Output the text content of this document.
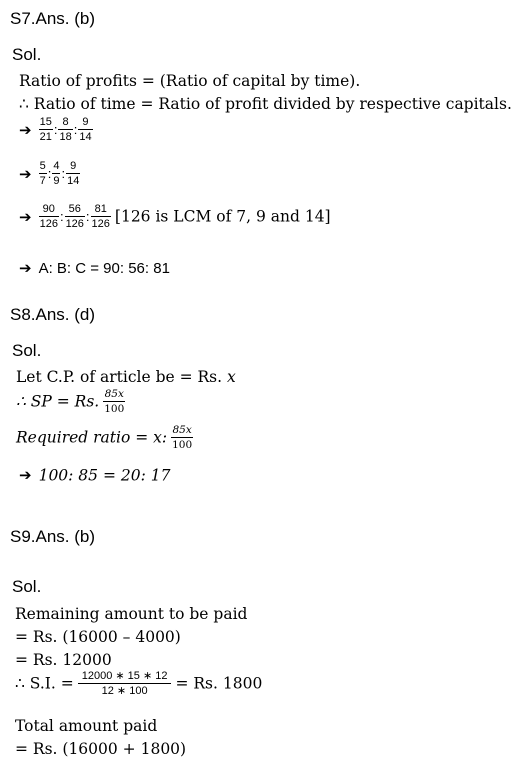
S7.Ans. (b)
Sol.
Ratio of profits = (Ratio of capital by time).
∴ Ratio of time = Ratio of profit divided by respective capitals.
➔ $\frac{15}{21}$ : $\frac{8}{18}$ : $\frac{9}{14}$
➔ $\frac{5}{7}$ : $\frac{4}{9}$ : $\frac{9}{14}$
➔ $\frac{90}{126}$ : $\frac{56}{126}$ : $\frac{81}{126} [126$ is LCM of 7, 9 and 14]
➔ A: B: C = 90: 56: 81
S8.Ans. (d)
Sol.
Let C.P. of article be = Rs. x
∴ SP = Rs. $\frac{85x}{100}$
Required ratio = x: $\frac{85x}{100}$
➔ 100: 85 = 20: 17
S9.Ans. (b)
Sol.
Remaining amount to be paid
= Rs. (16000 – 4000)
= Rs. 12000
∴ S.I. = $\frac{12000 ∗ 15 ∗ 12}{12 ∗ 100} = Rs$. 1800
Total amount paid
= Rs. (16000 + 1800)
